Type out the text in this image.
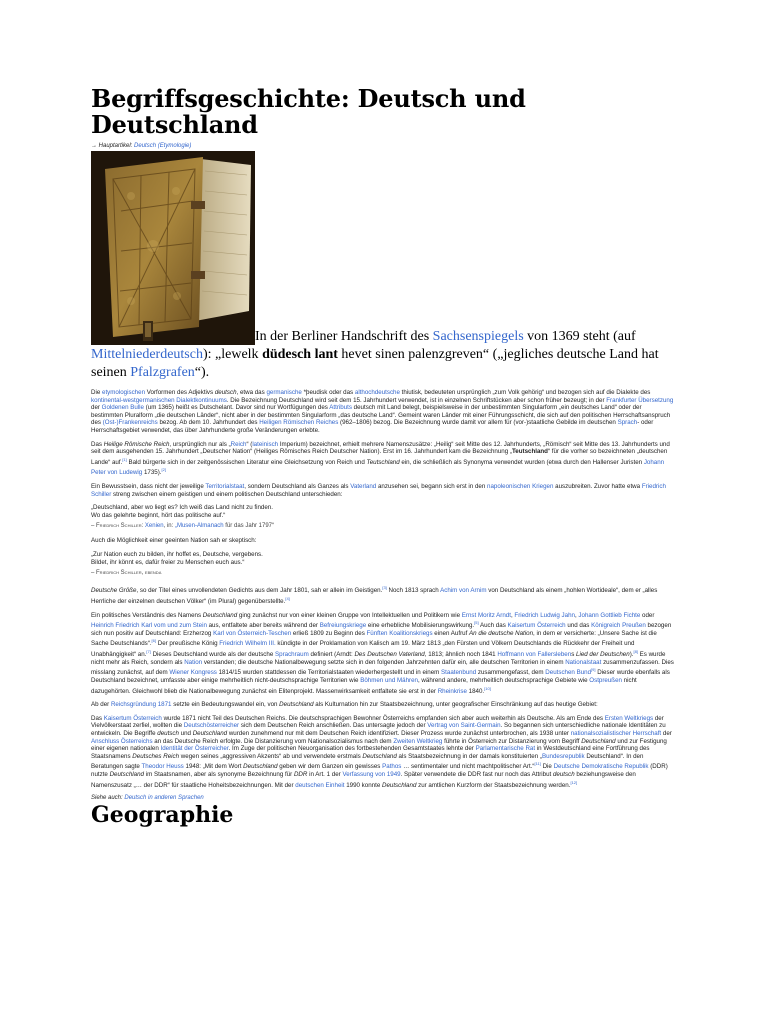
Begriffsgeschichte: Deutsch und Deutschland
→ Hauptartikel: Deutsch (Etymologie)
In der Berliner Handschrift des Sachsenspiegels von 1369 steht (auf Mittelniederdeutsch): „lewelk düdesch lant hevet sinen palenzgreven“ („jegliches deutsche Land hat seinen Pfalzgrafen“).

Die etymologischen Vorformen des Adjektivs deutsch, etwa das germanische *þeudisk oder das althochdeutsche thiutisk, bedeuteten ursprünglich „zum Volk gehörig“ und bezogen sich auf die Dialekte des kontinental-westgermanischen Dialektkontinuums. Die Bezeichnung Deutschland wird seit dem 15. Jahrhundert verwendet, ist in einzelnen Schriftstücken aber schon früher bezeugt; in der Frankfurter Übersetzung der Goldenen Bulle (um 1365) heißt es Dutschelant. Davor sind nur Wortfügungen des Attributs deutsch mit Land belegt, beispielsweise in der unbestimmten Singularform „ein deutsches Land“ oder der bestimmten Pluralform „die deutschen Länder“, nicht aber in der bestimmten Singularform „das deutsche Land“. Gemeint waren Länder mit einer Führungsschicht, die sich auf den politischen Herrschaftsanspruch des (Ost-)Frankenreichs bezog. Ab dem 10. Jahrhundert des Heiligen Römischen Reiches (962–1806) bezog. Die Bezeichnung wurde damit vor allem für (vor-)staatliche Gebilde im deutschen Sprach- oder Herrschaftsgebiet verwendet, das über Jahrhunderte große Veränderungen erlebte.

Das Heilige Römische Reich, ursprünglich nur als „Reich“ (lateinisch Imperium) bezeichnet, erhielt mehrere Namenszusätze: „Heilig“ seit Mitte des 12. Jahrhunderts, „Römisch“ seit Mitte des 13. Jahrhunderts und seit dem ausgehenden 15. Jahrhundert „Deutscher Nation“ (Heiliges Römisches Reich Deutscher Nation). Erst im 16. Jahrhundert kam die Bezeichnung „Teutschland“ für die vorher so bezeichneten „deutschen Lande“ auf.[1] Bald bürgerte sich in der zeitgenössischen Literatur eine Gleichsetzung von Reich und Teutschland ein, die schließlich als Synonyma verwendet wurden (etwa durch den Hallenser Juristen Johann Peter von Ludewig 1735).[2]

Ein Bewusstsein, dass nicht der jeweilige Territorialstaat, sondern Deutschland als Ganzes als Vaterland anzusehen sei, begann sich erst in den napoleonischen Kriegen auszubreiten. Zuvor hatte etwa Friedrich Schiller streng zwischen einem geistigen und einem politischen Deutschland unterschieden:

„Deutschland, aber wo liegt es? Ich weiß das Land nicht zu finden.
Wo das gelehrte beginnt, hört das politische auf.“
– Friedrich Schiller: Xenien, in: „Musen-Almanach für das Jahr 1797“

Auch die Möglichkeit einer geeinten Nation sah er skeptisch:

„Zur Nation euch zu bilden, ihr hoffet es, Deutsche, vergebens.
Bildet, ihr könnt es, dafür freier zu Menschen euch aus.“
– Friedrich Schiller, ebenda

Deutsche Größe, so der Titel eines unvollendeten Gedichts aus dem Jahr 1801, sah er allein im Geistigen.[3] Noch 1813 sprach Achim von Arnim von Deutschland als einem „hohlen Wortideale“, dem er „alles Herrliche der einzelnen deutschen Völker“ (im Plural) gegenüberstellte.[4]

Ein politisches Verständnis des Namens Deutschland ging zunächst nur von einer kleinen Gruppe von Intellektuellen und Politikern wie Ernst Moritz Arndt, Friedrich Ludwig Jahn, Johann Gottlieb Fichte oder Heinrich Friedrich Karl vom und zum Stein aus, entfaltete aber bereits während der Befreiungskriege eine erhebliche Mobilisierungswirkung.[5] Auch das Kaisertum Österreich und das Königreich Preußen bezogen sich nun positiv auf Deutschland: Erzherzog Karl von Österreich-Teschen erließ 1809 zu Beginn des Fünften Koalitionskriegs einen Aufruf An die deutsche Nation, in dem er versicherte: „Unsere Sache ist die Sache Deutschlands“.[6] Der preußische König Friedrich Wilhelm III. kündigte in der Proklamation von Kalisch am 19. März 1813 „den Fürsten und Völkern Deutschlands die Rückkehr der Freiheit und Unabhängigkeit“ an.[7] Dieses Deutschland wurde als der deutsche Sprachraum definiert (Arndt: Des Deutschen Vaterland, 1813; ähnlich noch 1841 Hoffmann von Fallerslebens Lied der Deutschen).[8] Es wurde nicht mehr als Reich, sondern als Nation verstanden; die deutsche Nationalbewegung setzte sich in den folgenden Jahrzehnten dafür ein, alle deutschen Territorien in einem Nationalstaat zusammenzufassen. Dies misslang zunächst, auf dem Wiener Kongress 1814/15 wurden stattdessen die Territorialstaaten wiederhergestellt und in einem Staatenbund zusammengefasst, dem Deutschen Bund[9] Dieser wurde ebenfalls als Deutschland bezeichnet, umfasste aber einige mehrheitlich nicht-deutschsprachige Territorien wie Böhmen und Mähren, während andere, mehrheitlich deutschsprachige Gebiete wie Ostpreußen nicht dazugehörten. Gleichwohl blieb die Nationalbewegung zunächst ein Elitenprojekt. Massenwirksamkeit entfaltete sie erst in der Rheinkrise 1840.[10]

Ab der Reichsgründung 1871 setzte ein Bedeutungswandel ein, von Deutschland als Kulturnation hin zur Staatsbezeichnung, unter geografischer Einschränkung auf das heutige Gebiet:

Das Kaisertum Österreich wurde 1871 nicht Teil des Deutschen Reichs. Die deutschsprachigen Bewohner Österreichs empfanden sich aber auch weiterhin als Deutsche. Als am Ende des Ersten Weltkriegs der Vielvölkerstaat zerfiel, wollten die Deutschösterreicher sich dem Deutschen Reich anschließen. Das untersagte jedoch der Vertrag von Saint-Germain. So begannen sich unterschiedliche nationale Identitäten zu entwickeln. Die Begriffe deutsch und Deutschland wurden zunehmend nur mit dem Deutschen Reich identifiziert. Dieser Prozess wurde zunächst unterbrochen, als 1938 unter nationalsozialistischer Herrschaft der Anschluss Österreichs an das Deutsche Reich erfolgte. Die Distanzierung vom Nationalsozialismus nach dem Zweiten Weltkrieg führte in Österreich zur Distanzierung vom Begriff Deutschland und zur Festigung einer eigenen nationalen Identität der Österreicher. Im Zuge der politischen Neuorganisation des fortbestehenden Gesamtstaates lehnte der Parlamentarische Rat in Westdeutschland eine Fortführung des Staatsnamens Deutsches Reich wegen seines „aggressiven Akzents“ ab und verwendete erstmals Deutschland als Staatsbezeichnung in der damals konstituierten „Bundesrepublik Deutschland“. In den Beratungen sagte Theodor Heuss 1948: „Mit dem Wort Deutschland geben wir dem Ganzen ein gewisses Pathos … sentimentaler und nicht machtpolitischer Art.“[11] Die Deutsche Demokratische Republik (DDR) nutzte Deutschland im Staatsnamen, aber als synonyme Bezeichnung für DDR in Art. 1 der Verfassung von 1949. Später verwendete die DDR fast nur noch das Attribut deutsch beziehungsweise den Namenszusatz „… der DDR“ für staatliche Hoheitsbezeichnungen. Mit der deutschen Einheit 1990 konnte Deutschland zur amtlichen Kurzform der Staatsbezeichnung werden.[12]

Siehe auch: Deutsch in anderen Sprachen
Geographie
